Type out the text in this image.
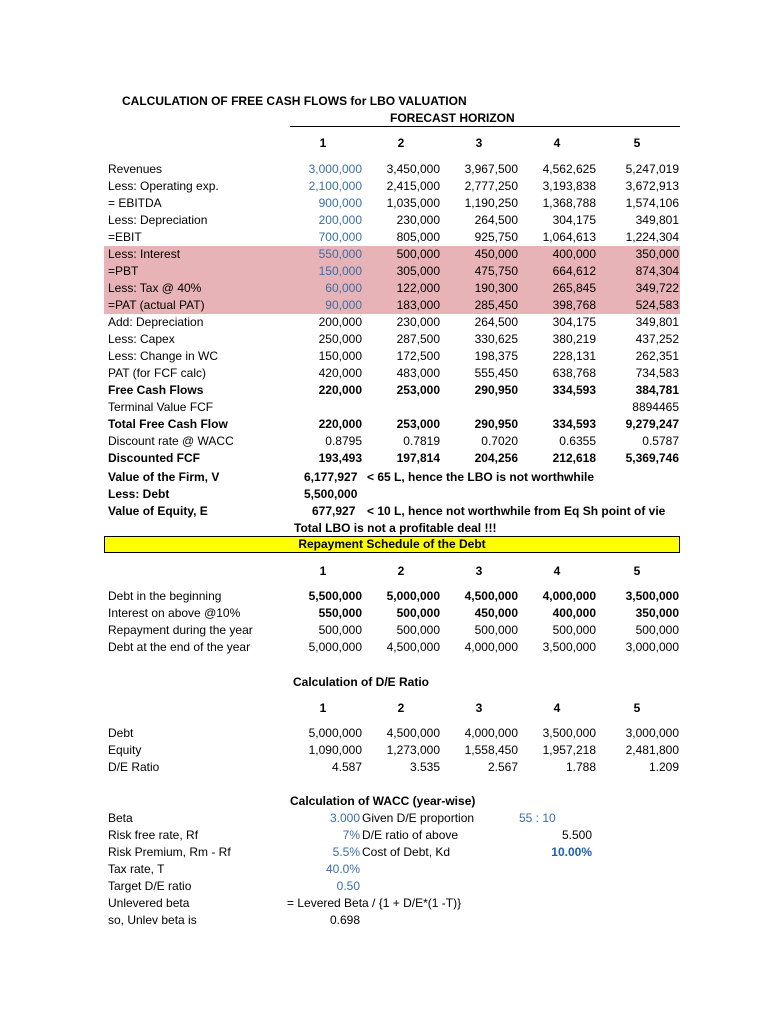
CALCULATION OF FREE CASH FLOWS for LBO VALUATION
FORECAST HORIZON
Revenues	3,000,000	3,450,000	3,967,500	4,562,625	5,247,019
Less: Operating exp.	2,100,000	2,415,000	2,777,250	3,193,838	3,672,913
= EBITDA	900,000	1,035,000	1,190,250	1,368,788	1,574,106
Less: Depreciation	200,000	230,000	264,500	304,175	349,801
=EBIT	700,000	805,000	925,750	1,064,613	1,224,304
Less: Interest	550,000	500,000	450,000	400,000	350,000
=PBT	150,000	305,000	475,750	664,612	874,304
Less: Tax @ 40%	60,000	122,000	190,300	265,845	349,722
=PAT (actual PAT)	90,000	183,000	285,450	398,768	524,583
Add: Depreciation	200,000	230,000	264,500	304,175	349,801
Less: Capex	250,000	287,500	330,625	380,219	437,252
Less: Change in WC	150,000	172,500	198,375	228,131	262,351
PAT (for FCF calc)	420,000	483,000	555,450	638,768	734,583
Free Cash Flows	220,000	253,000	290,950	334,593	384,781
Terminal Value FCF	8894465
Total Free Cash Flow	220,000	253,000	290,950	334,593	9,279,247
Discount rate @ WACC	0.8795	0.7819	0.7020	0.6355	0.5787
Discounted FCF	193,493	197,814	204,256	212,618	5,369,746
1	2	3	4	5
Value of the Firm, V	6,177,927 < 65 L, hence the LBO is not worthwhile
Less: Debt	5,500,000
Value of Equity, E	677,927 < 10 L, hence not worthwhile from Eq Sh point of vie
Total LBO is not a profitable deal !!!
Repayment Schedule of the Debt
1	2	3	4	5
Debt in the beginning	5,500,000	5,000,000	4,500,000	4,000,000	3,500,000
Interest on above @10%	550,000	500,000	450,000	400,000	350,000
Repayment during the year	500,000	500,000	500,000	500,000	500,000
Debt at the end of the year	5,000,000	4,500,000	4,000,000	3,500,000	3,000,000
Calculation of D/E Ratio
1	2	3	4	5
Debt	5,000,000	4,500,000	4,000,000	3,500,000	3,000,000
Equity	1,090,000	1,273,000	1,558,450	1,957,218	2,481,800
D/E Ratio	4.587	3.535	2.567	1.788	1.209
Calculation of WACC (year-wise)
Beta	3.000 Given D/E proportion	55 : 10
Risk free rate, Rf	7% D/E ratio of above	5.500
Risk Premium, Rm - Rf	5.5% Cost of Debt, Kd	10.00%
Tax rate, T	40.0%
Target D/E ratio	0.50
Unlevered beta	= Levered Beta / {1 + D/E*(1 -T)}
so, Unlev beta is	0.698
